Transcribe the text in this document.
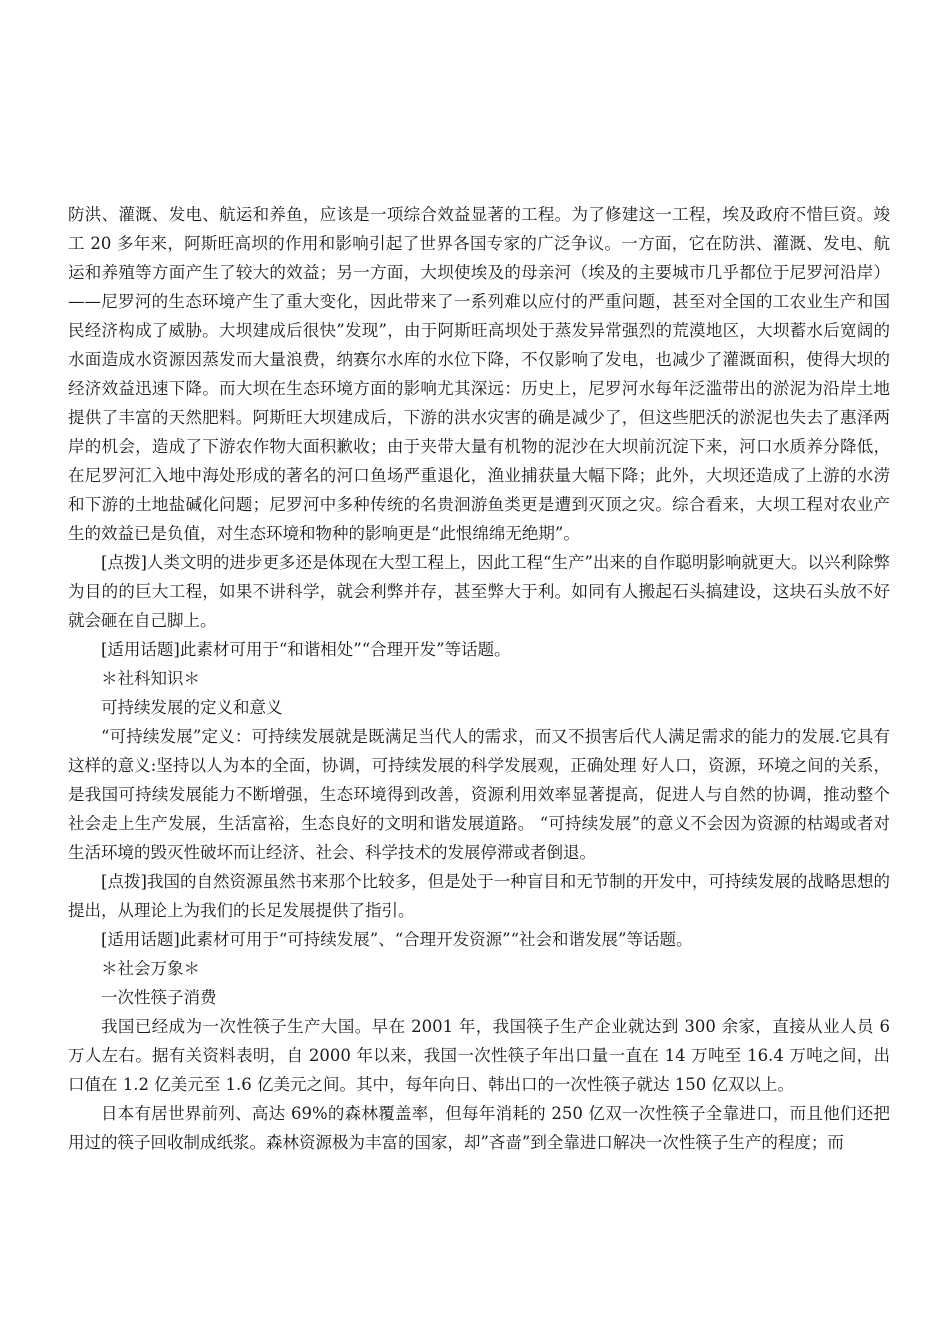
防洪、灌溉、发电、航运和养鱼，应该是一项综合效益显著的工程。为了修建这一工程，埃及政府不惜巨资。竣工 20 多年来，阿斯旺高坝的作用和影响引起了世界各国专家的广泛争议。一方面，它在防洪、灌溉、发电、航运和养殖等方面产生了较大的效益；另一方面，大坝使埃及的母亲河（埃及的主要城市几乎都位于尼罗河沿岸）——尼罗河的生态环境产生了重大变化，因此带来了一系列难以应付的严重问题，甚至对全国的工农业生产和国民经济构成了威胁。大坝建成后很快”发现”，由于阿斯旺高坝处于蒸发异常强烈的荒漠地区，大坝蓄水后宽阔的水面造成水资源因蒸发而大量浪费，纳赛尔水库的水位下降，不仅影响了发电，也减少了灌溉面积，使得大坝的经济效益迅速下降。而大坝在生态环境方面的影响尤其深远：历史上，尼罗河水每年泛滥带出的淤泥为沿岸土地提供了丰富的天然肥料。阿斯旺大坝建成后，下游的洪水灾害的确是减少了，但这些肥沃的淤泥也失去了惠泽两岸的机会，造成了下游农作物大面积歉收；由于夹带大量有机物的泥沙在大坝前沉淀下来，河口水质养分降低，在尼罗河汇入地中海处形成的著名的河口鱼场严重退化，渔业捕获量大幅下降；此外，大坝还造成了上游的水涝和下游的土地盐碱化问题；尼罗河中多种传统的名贵洄游鱼类更是遭到灭顶之灾。综合看来，大坝工程对农业产生的效益已是负值，对生态环境和物种的影响更是“此恨绵绵无绝期”。

[点拨]人类文明的进步更多还是体现在大型工程上，因此工程“生产”出来的自作聪明影响就更大。以兴利除弊为目的的巨大工程，如果不讲科学，就会利弊并存，甚至弊大于利。如同有人搬起石头搞建设，这块石头放不好就会砸在自己脚上。

[适用话题]此素材可用于“和谐相处”“合理开发”等话题。

＊社科知识＊

可持续发展的定义和意义

“可持续发展”定义：可持续发展就是既满足当代人的需求，而又不损害后代人满足需求的能力的发展.它具有这样的意义:坚持以人为本的全面，协调，可持续发展的科学发展观，正确处理 好人口，资源，环境之间的关系，是我国可持续发展能力不断增强，生态环境得到改善，资源利用效率显著提高，促进人与自然的协调，推动整个社会走上生产发展，生活富裕，生态良好的文明和谐发展道路。 “可持续发展”的意义不会因为资源的枯竭或者对生活环境的毁灭性破坏而让经济、社会、科学技术的发展停滞或者倒退。

[点拨]我国的自然资源虽然书来那个比较多，但是处于一种盲目和无节制的开发中，可持续发展的战略思想的提出，从理论上为我们的长足发展提供了指引。

[适用话题]此素材可用于“可持续发展”、“合理开发资源”“社会和谐发展”等话题。

＊社会万象＊

一次性筷子消费

我国已经成为一次性筷子生产大国。早在 2001 年，我国筷子生产企业就达到 300 余家，直接从业人员 6 万人左右。据有关资料表明，自 2000 年以来，我国一次性筷子年出口量一直在 14 万吨至 16.4 万吨之间，出口值在 1.2 亿美元至 1.6 亿美元之间。其中，每年向日、韩出口的一次性筷子就达 150 亿双以上。

日本有居世界前列、高达 69%的森林覆盖率，但每年消耗的 250 亿双一次性筷子全靠进口，而且他们还把用过的筷子回收制成纸浆。森林资源极为丰富的国家，却”吝啬”到全靠进口解决一次性筷子生产的程度；而
